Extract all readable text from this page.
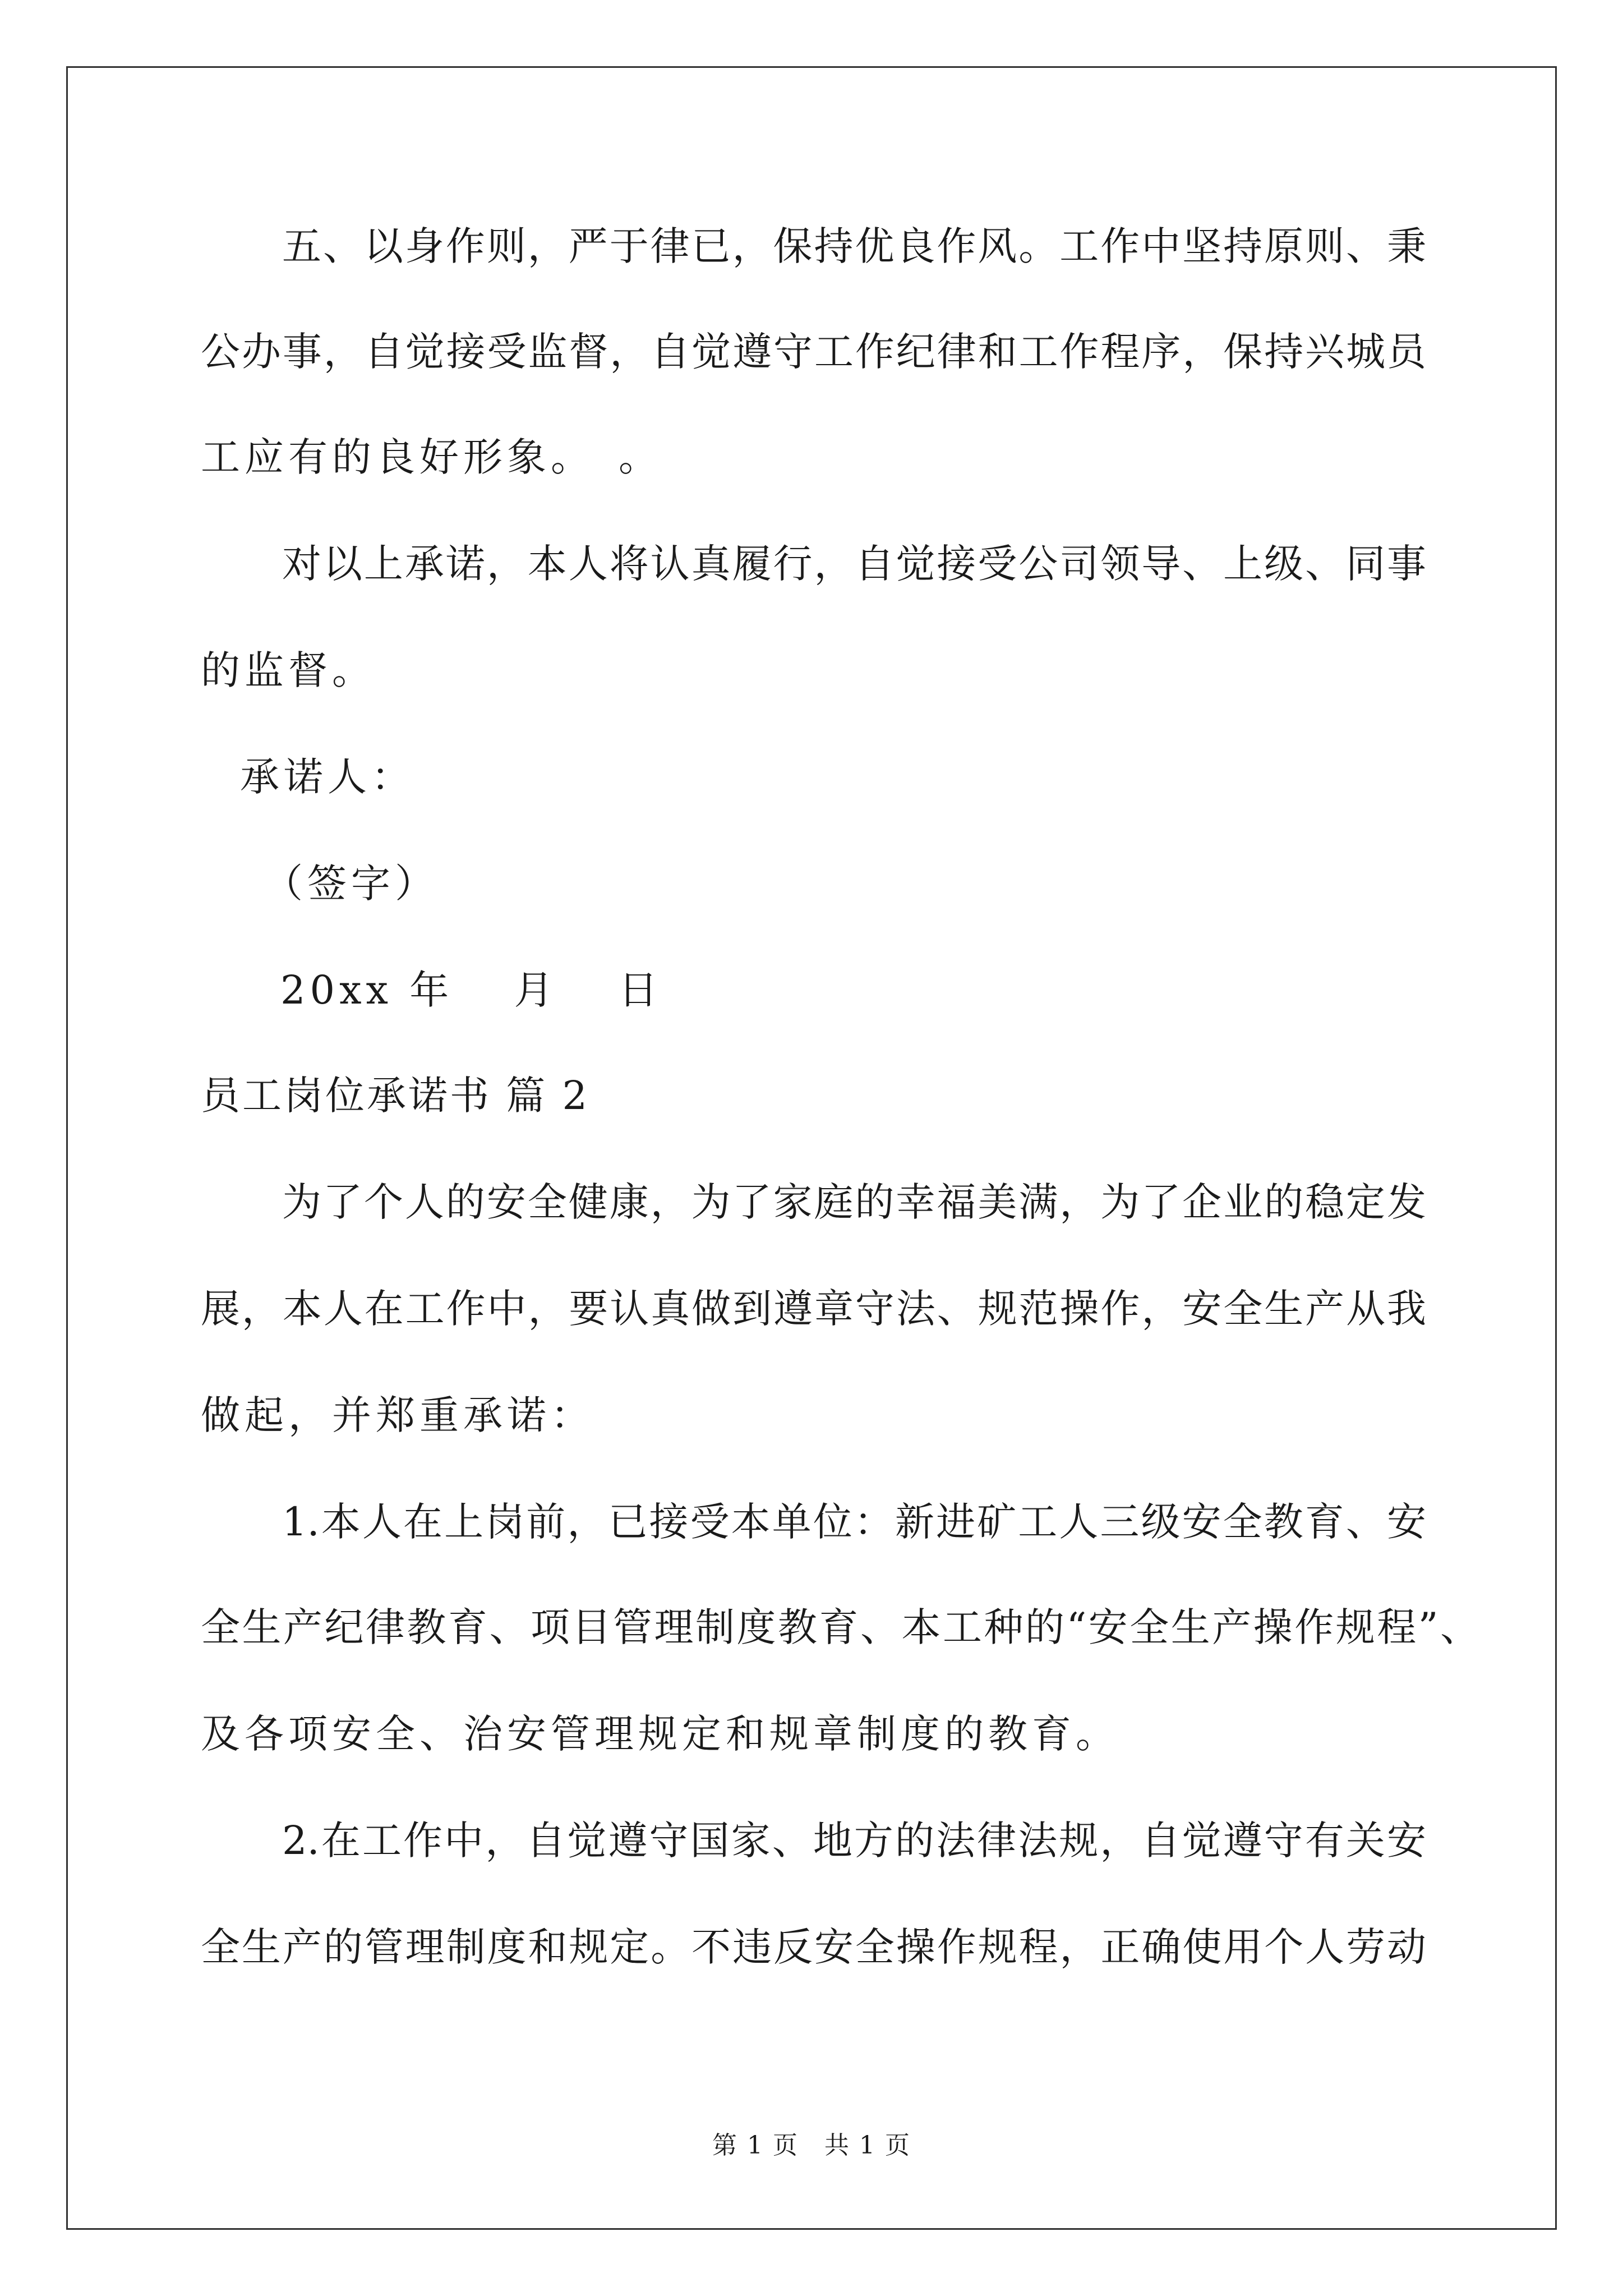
五、以身作则，严于律已，保持优良作风。工作中坚持原则、秉
公办事，自觉接受监督，自觉遵守工作纪律和工作程序，保持兴城员
工应有的良好形象。　。
对以上承诺，本人将认真履行，自觉接受公司领导、上级、同事
的监督。
承诺人：
（签字）
20xx 年　 月　 日
员工岗位承诺书 篇 2
为了个人的安全健康，为了家庭的幸福美满，为了企业的稳定发
展，本人在工作中，要认真做到遵章守法、规范操作，安全生产从我
做起，并郑重承诺：
1.本人在上岗前，已接受本单位：新进矿工人三级安全教育、安
全生产纪律教育、项目管理制度教育、本工种的“安全生产操作规程”、
及各项安全、治安管理规定和规章制度的教育。
2.在工作中，自觉遵守国家、地方的法律法规，自觉遵守有关安
全生产的管理制度和规定。不违反安全操作规程，正确使用个人劳动
第 1 页　共 1 页
